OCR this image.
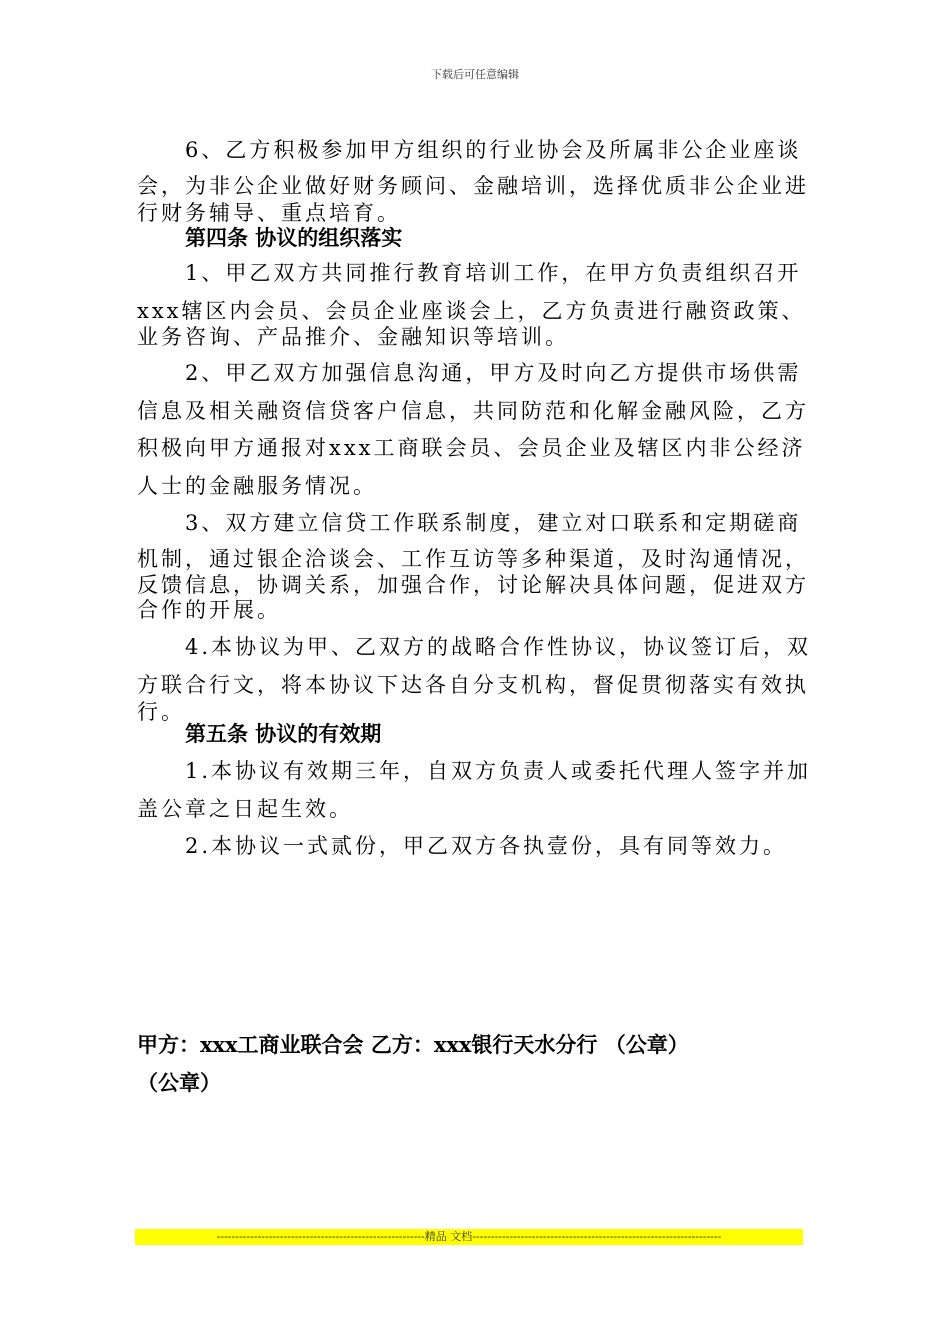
下载后可任意编辑
6、乙方积极参加甲方组织的行业协会及所属非公企业座谈
会，为非公企业做好财务顾问、金融培训，选择优质非公企业进
行财务辅导、重点培育。
第四条 协议的组织落实
1、甲乙双方共同推行教育培训工作，在甲方负责组织召开
xxx辖区内会员、会员企业座谈会上，乙方负责进行融资政策、
业务咨询、产品推介、金融知识等培训。
2、甲乙双方加强信息沟通，甲方及时向乙方提供市场供需
信息及相关融资信贷客户信息，共同防范和化解金融风险，乙方
积极向甲方通报对xxx工商联会员、会员企业及辖区内非公经济
人士的金融服务情况。
3、双方建立信贷工作联系制度，建立对口联系和定期磋商
机制，通过银企洽谈会、工作互访等多种渠道，及时沟通情况，
反馈信息，协调关系，加强合作，讨论解决具体问题，促进双方
合作的开展。
4.本协议为甲、乙双方的战略合作性协议，协议签订后，双
方联合行文，将本协议下达各自分支机构，督促贯彻落实有效执
行。
第五条 协议的有效期
1.本协议有效期三年，自双方负责人或委托代理人签字并加
盖公章之日起生效。
2.本协议一式贰份，甲乙双方各执壹份，具有同等效力。
甲方：xxx工商业联合会 乙方：xxx银行天水分行 （公章）
（公章）
--------------------------------------------------------精品 文档-------------------------------------------------------------------
